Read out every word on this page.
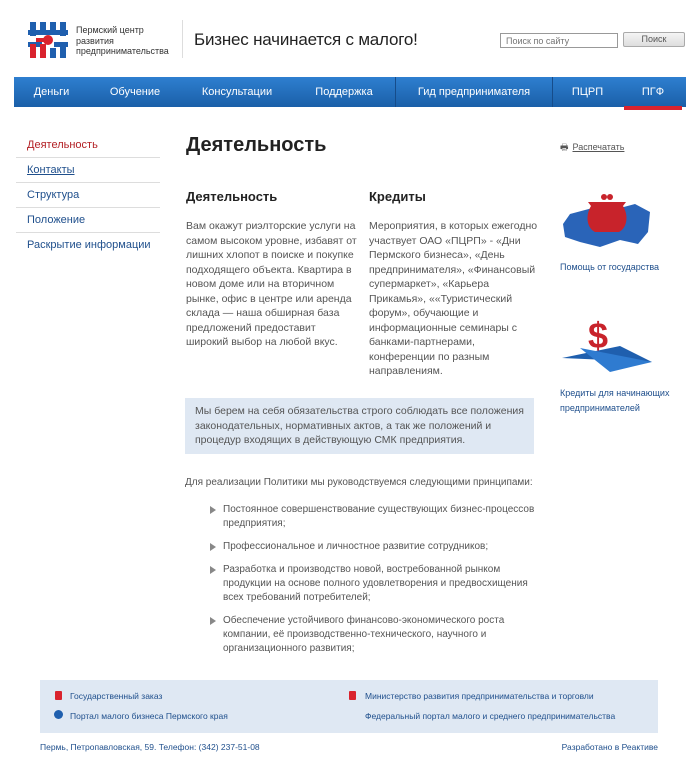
Пермский центр развития предпринимательства
Бизнес начинается с малого!
Поиск по сайту	Поиск
Деньги	Обучение	Консультации	Поддержка	Гид предпринимателя	ПЦРП	ПГФ
Деятельность
Контакты
Структура
Положение
Раскрытие информации
Деятельность
Деятельность
Вам окажут риэлторские услуги на самом высоком уровне, избавят от лишних хлопот в поиске и покупке подходящего объекта. Квартира в новом доме или на вторичном рынке, офис в центре или аренда склада — наша обширная база предложений предоставит широкий выбор на любой вкус.
Кредиты
Мероприятия, в которых ежегодно участвует ОАО «ПЦРП» - «Дни Пермского бизнеса», «День предпринимателя», «Финансовый супермаркет», «Карьера Прикамья», ««Туристический форум», обучающие и информационные семинары с банками-партнерами, конференции по разным направлениям.
Мы берем на себя обязательства строго соблюдать все положения законодательных, нормативных актов, а так же положений и процедур входящих в действующую СМК предприятия.
Для реализации Политики мы руководствуемся следующими принципами:
Постоянное совершенствование существующих бизнес-процессов предприятия;
Профессиональное и личностное развитие сотрудников;
Разработка и производство новой, востребованной рынком продукции на основе полного удовлетворения и предвосхищения всех требований потребителей;
Обеспечение устойчивого финансово-экономического роста компании, её производственно-технического, научного и организационного развития;
🖶 Распечатать
Помощь от государства
$
Кредиты для начинающих предпринимателей
Государственный заказ
Портал малого бизнеса Пермского края
Министерство развития предпринимательства и торговли
Федеральный портал малого и среднего предпринимательства
Пермь, Петропавловская, 59. Телефон: (342) 237-51-08	Разработано в Реактиве
